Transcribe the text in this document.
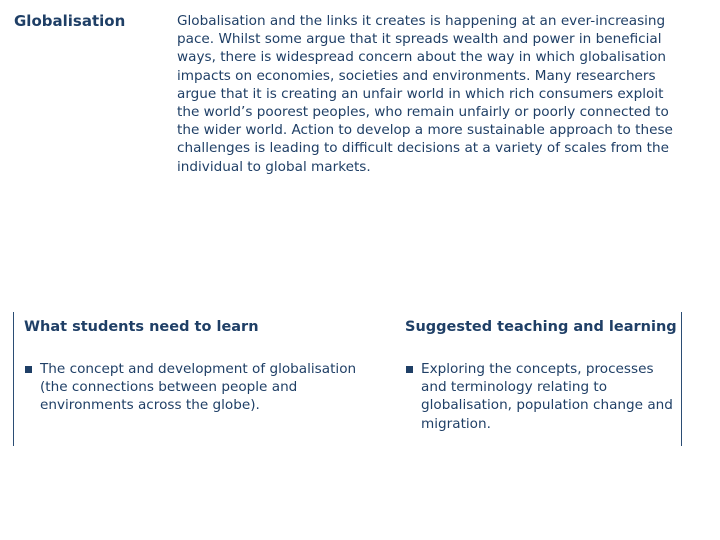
Globalisation	Globalisation and the links it creates is happening at an ever-increasing pace. Whilst some argue that it spreads wealth and power in beneficial ways, there is widespread concern about the way in which globalisation impacts on economies, societies and environments. Many researchers argue that it is creating an unfair world in which rich consumers exploit the world’s poorest peoples, who remain unfairly or poorly connected to the wider world. Action to develop a more sustainable approach to these challenges is leading to difficult decisions at a variety of scales from the individual to global markets.
What students need to learn
The concept and development of globalisation (the connections between people and environments across the globe).
Suggested teaching and learning
Exploring the concepts, processes and terminology relating to globalisation, population change and migration.
